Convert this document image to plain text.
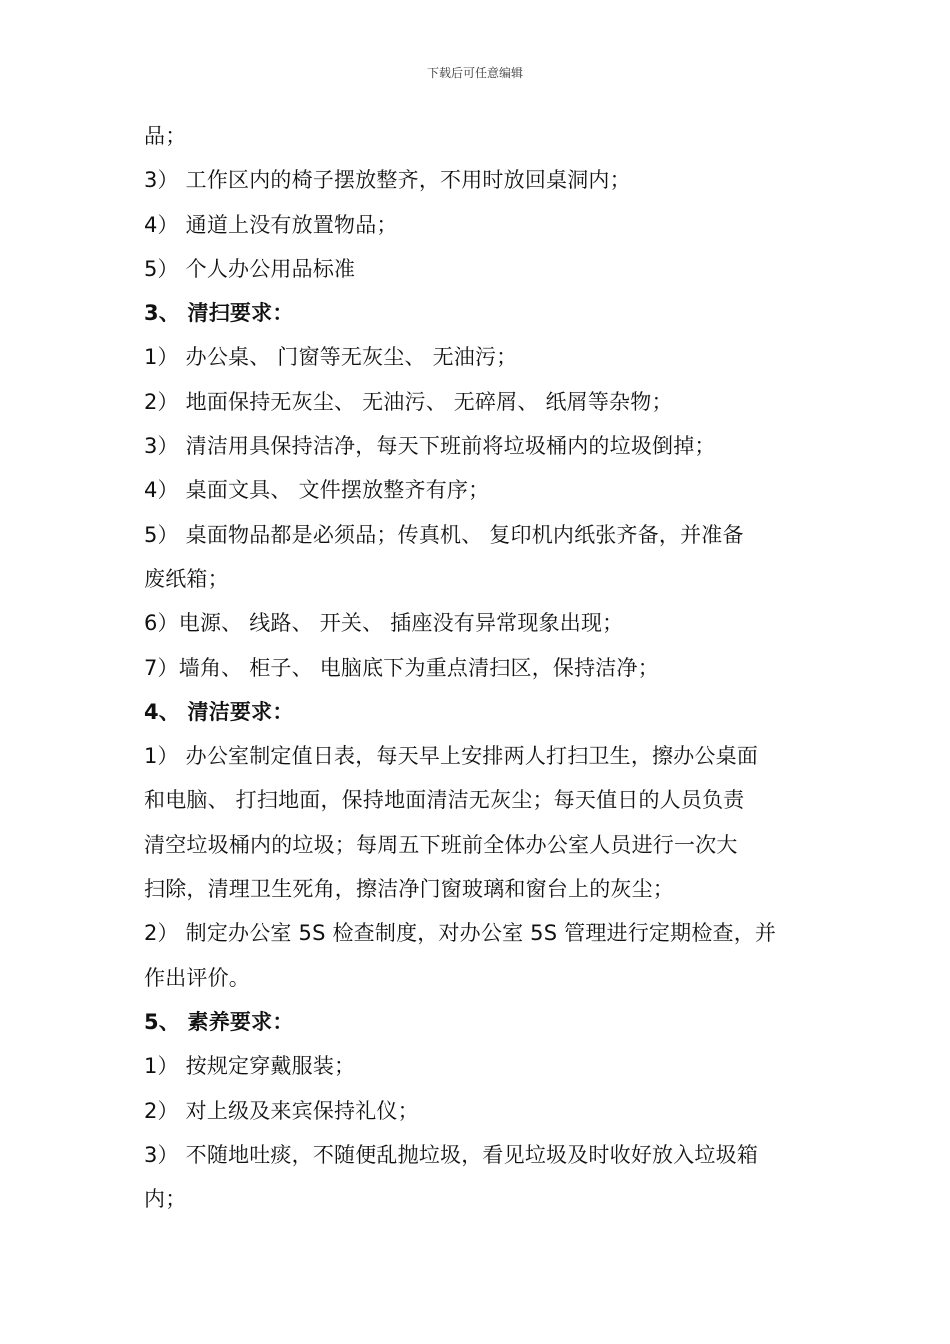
下载后可任意编辑
品；
3） 工作区内的椅子摆放整齐，不用时放回桌洞内；
4） 通道上没有放置物品；
5） 个人办公用品标准
3、 清扫要求：
1） 办公桌、 门窗等无灰尘、 无油污；
2） 地面保持无灰尘、 无油污、 无碎屑、 纸屑等杂物；
3） 清洁用具保持洁净，每天下班前将垃圾桶内的垃圾倒掉；
4） 桌面文具、 文件摆放整齐有序；
5） 桌面物品都是必须品；传真机、 复印机内纸张齐备，并准备
废纸箱；
6）电源、 线路、 开关、 插座没有异常现象出现；
7）墙角、 柜子、 电脑底下为重点清扫区，保持洁净；
4、 清洁要求：
1） 办公室制定值日表，每天早上安排两人打扫卫生，擦办公桌面
和电脑、 打扫地面，保持地面清洁无灰尘；每天值日的人员负责
清空垃圾桶内的垃圾；每周五下班前全体办公室人员进行一次大
扫除，清理卫生死角，擦洁净门窗玻璃和窗台上的灰尘；
2） 制定办公室 5S 检查制度，对办公室 5S 管理进行定期检查，并
作出评价。
5、 素养要求：
1） 按规定穿戴服装；
2） 对上级及来宾保持礼仪；
3） 不随地吐痰，不随便乱抛垃圾，看见垃圾及时收好放入垃圾箱
内；
